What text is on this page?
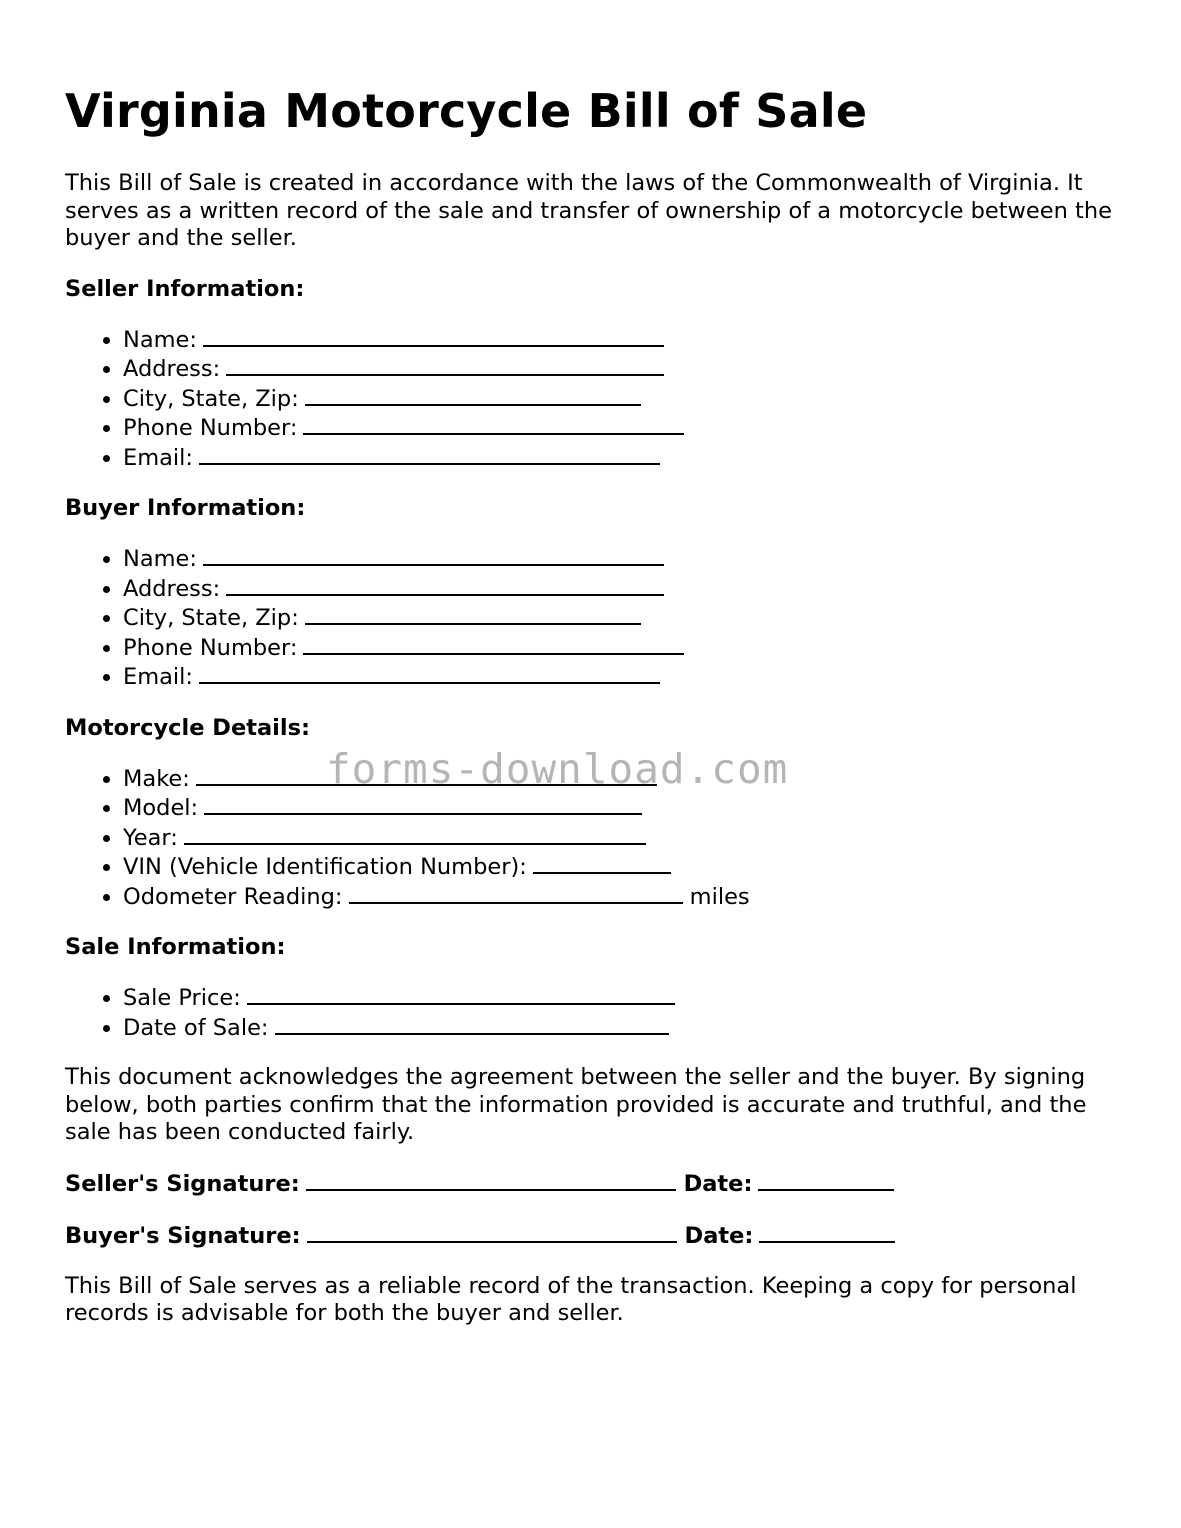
Virginia Motorcycle Bill of Sale

This Bill of Sale is created in accordance with the laws of the Commonwealth of Virginia. It serves as a written record of the sale and transfer of ownership of a motorcycle between the buyer and the seller.

Seller Information:
• Name:
• Address:
• City, State, Zip:
• Phone Number:
• Email:
Buyer Information:
• Name:
• Address:
• City, State, Zip:
• Phone Number:
• Email:
Motorcycle Details:
• Make:
• Model:
• Year:
• VIN (Vehicle Identification Number):
• Odometer Reading:	miles
Sale Information:
• Sale Price:
• Date of Sale:

This document acknowledges the agreement between the seller and the buyer. By signing below, both parties confirm that the information provided is accurate and truthful, and the sale has been conducted fairly.

Seller's Signature:	Date:
Buyer's Signature:	Date:

This Bill of Sale serves as a reliable record of the transaction. Keeping a copy for personal records is advisable for both the buyer and seller.

forms-download.com
